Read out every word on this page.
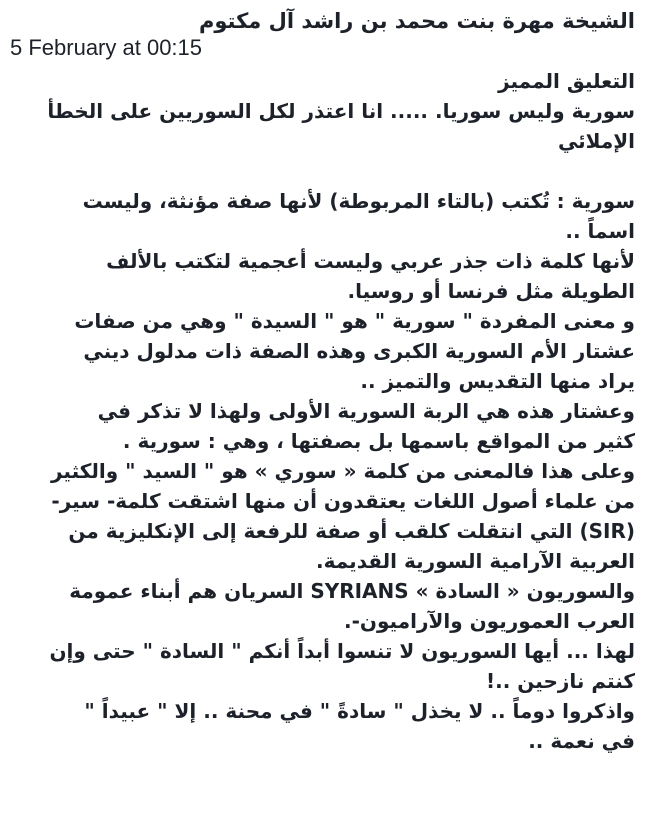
الشيخة مهرة بنت محمد بن راشد آل مكتوم
5 February at 00:15
التعليق المميز
سورية وليس سوريا. ..... انا اعتذر لكل السوريين على الخطأ
الإملائي
سورية : تُكتب (بالتاء المربوطة) لأنها صفة مؤنثة، وليست
اسماً ..
لأنها كلمة ذات جذر عربي وليست أعجمية لتكتب بالألف
الطويلة مثل فرنسا أو روسيا.
و معنى المفردة " سورية " هو " السيدة " وهي من صفات
عشتار الأم السورية الكبرى وهذه الصفة ذات مدلول ديني
يراد منها التقديس والتميز ..
وعشتار هذه هي الربة السورية الأولى ولهذا لا تذكر في
كثير من المواقع باسمها بل بصفتها ، وهي : سورية .
وعلى هذا فالمعنى من كلمة « سوري » هو " السيد " والكثير
من علماء أصول اللغات يعتقدون أن منها اشتقت كلمة- سير-
(SIR) التي انتقلت كلقب أو صفة للرفعة إلى الإنكليزية من
العربية الآرامية السورية القديمة.
والسوريون « السادة » SYRIANS السريان هم أبناء عمومة
العرب العموريون والآراميون-.
لهذا ... أيها السوريون لا تنسوا أبداً أنكم " السادة " حتى وإن
كنتم نازحين ..!
واذكروا دوماً .. لا يخذل " سادةً " في محنة .. إلا " عبيداً "
في نعمة ..
